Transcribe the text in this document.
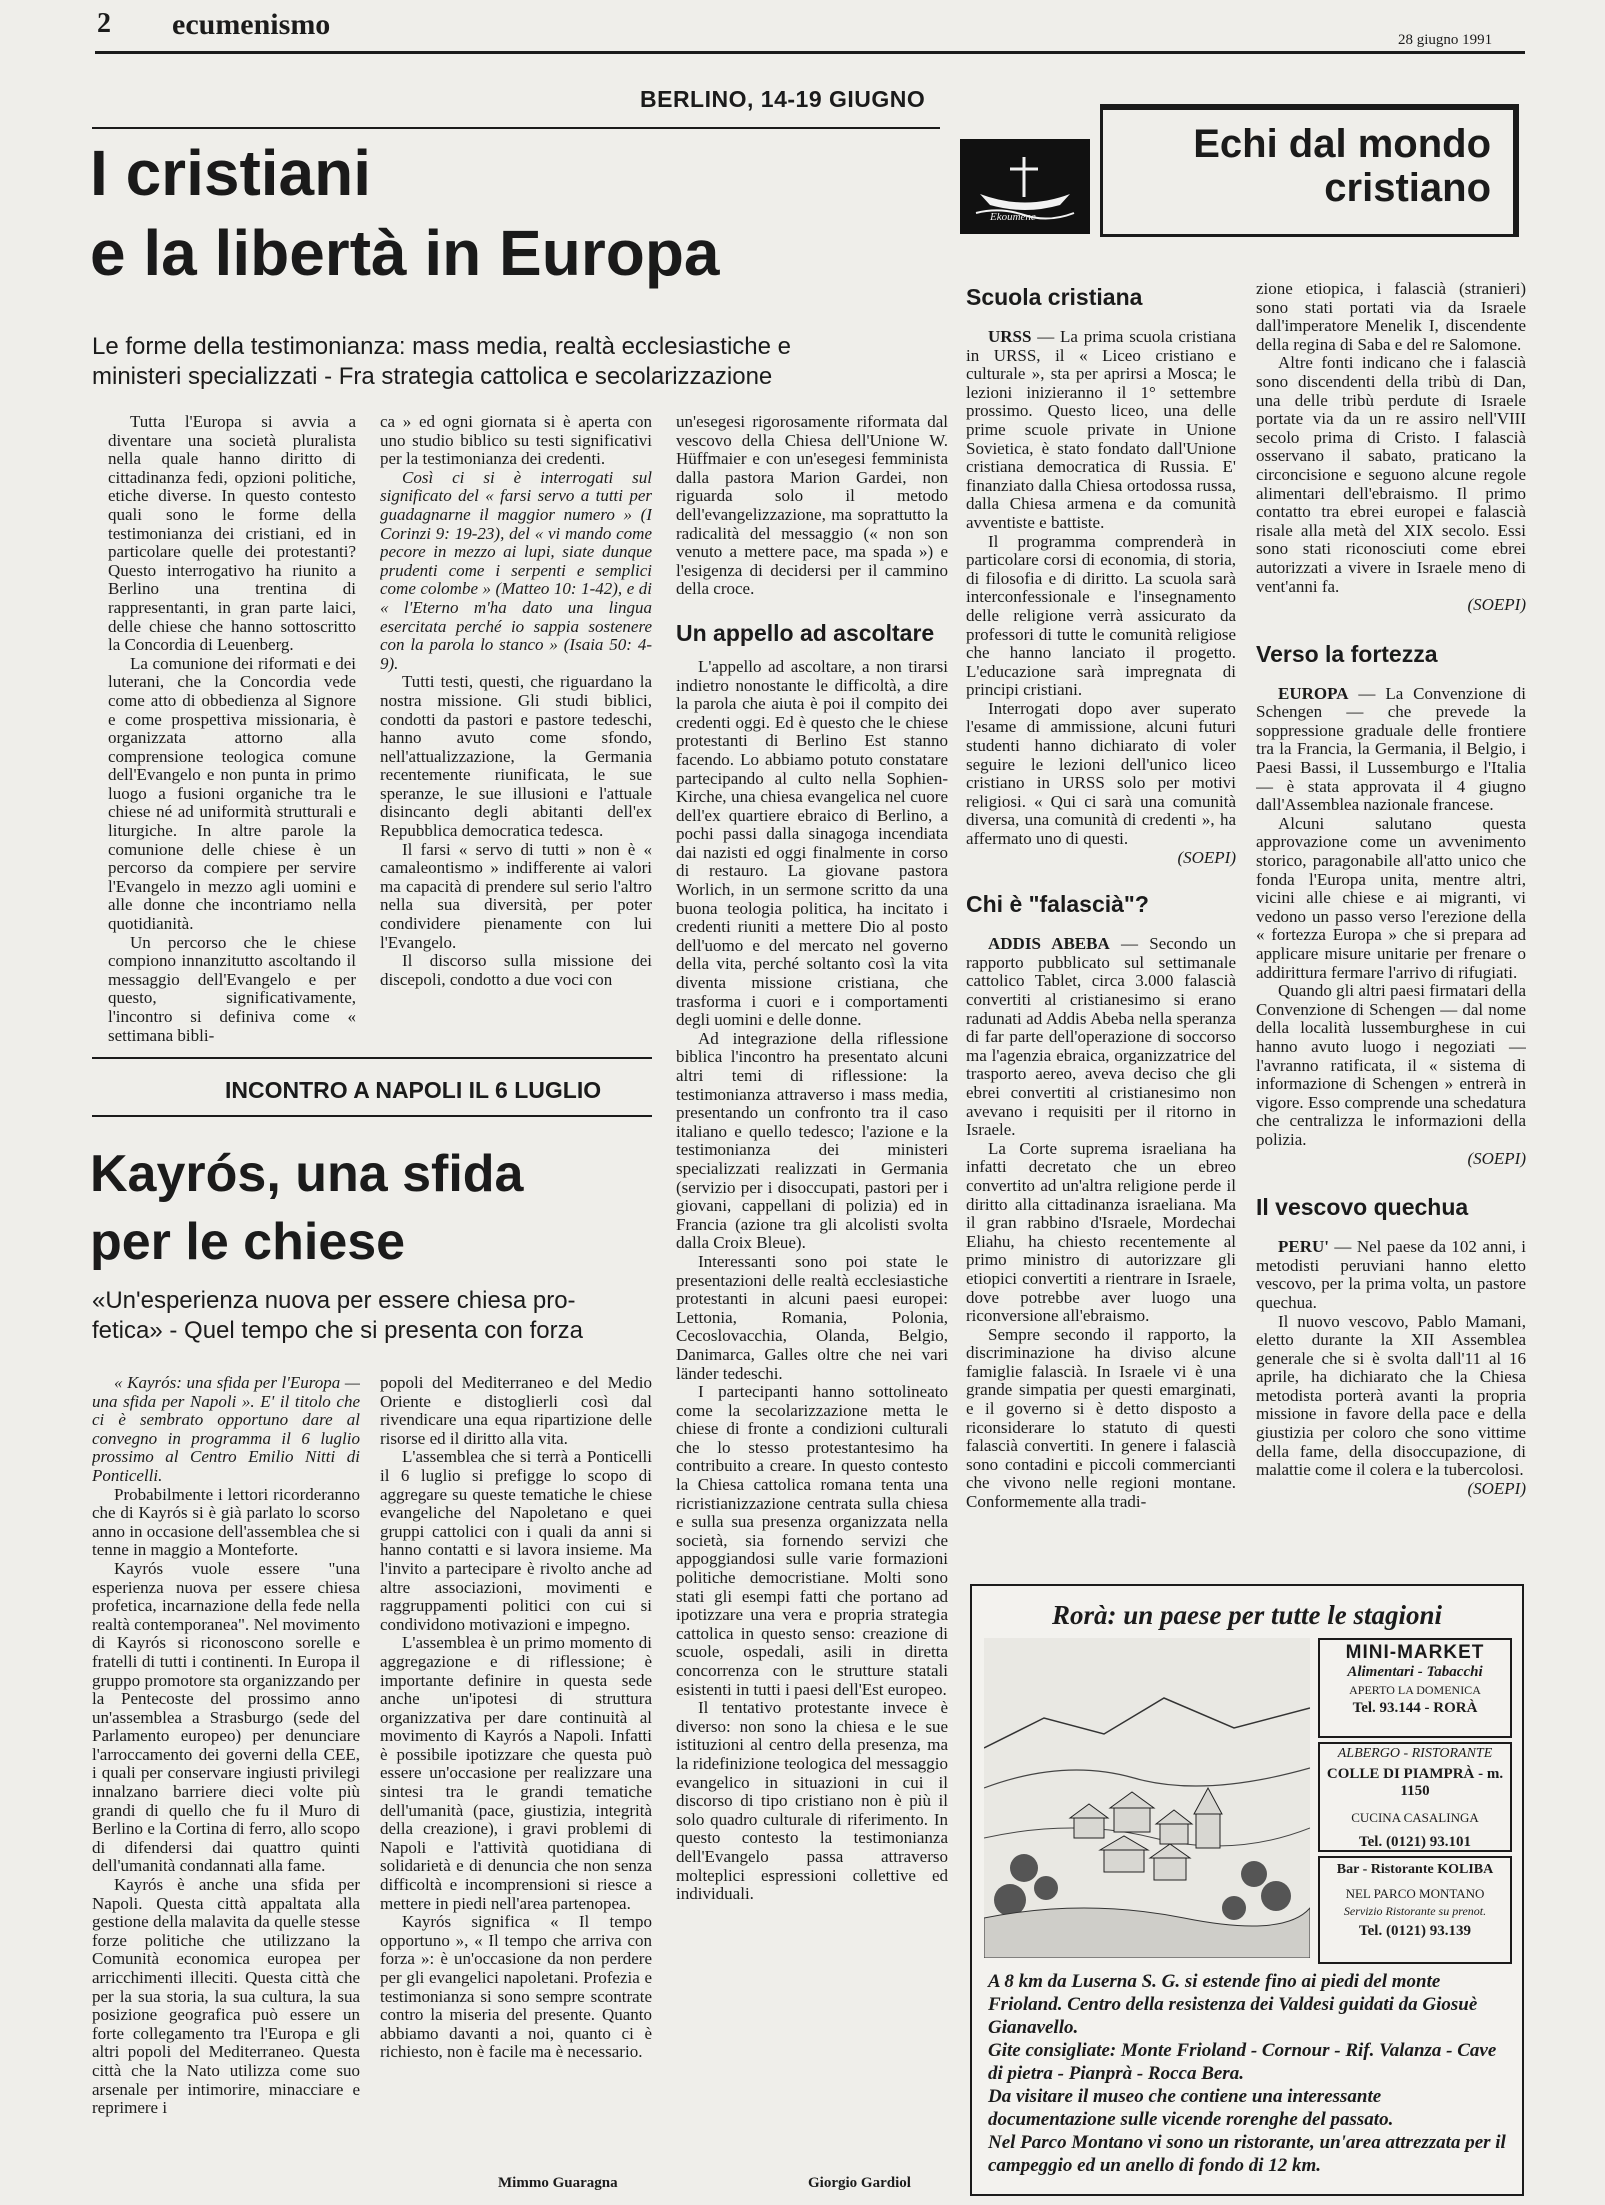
2 ecumenismo	28 giugno 1991
BERLINO, 14-19 GIUGNO
I cristiani
e la libertà in Europa
Le forme della testimonianza: mass media, realtà ecclesiastiche e
ministeri specializzati - Fra strategia cattolica e secolarizzazione

Tutta l'Europa si avvia a diventare una società pluralista nella quale hanno diritto di cittadinanza fedi, opzioni politiche, etiche diverse. In questo contesto quali sono le forme della testimonianza dei cristiani, ed in particolare quelle dei protestanti? Questo interrogativo ha riunito a Berlino una trentina di rappresentanti, in gran parte laici, delle chiese che hanno sottoscritto la Concordia di Leuenberg.

La comunione dei riformati e dei luterani, che la Concordia vede come atto di obbedienza al Signore e come prospettiva missionaria, è organizzata attorno alla comprensione teologica comune dell'Evangelo e non punta in primo luogo a fusioni organiche tra le chiese né ad uniformità strutturali e liturgiche. In altre parole la comunione delle chiese è un percorso da compiere per servire l'Evangelo in mezzo agli uomini e alle donne che incontriamo nella quotidianità.

Un percorso che le chiese compiono innanzitutto ascoltando il messaggio dell'Evangelo e per questo, significativamente, l'incontro si definiva come « settimana bibli-

ca » ed ogni giornata si è aperta con uno studio biblico su testi significativi per la testimonianza dei credenti.

Così ci si è interrogati sul significato del « farsi servo a tutti per guadagnarne il maggior numero » (I Corinzi 9: 19-23), del « vi mando come pecore in mezzo ai lupi, siate dunque prudenti come i serpenti e semplici come colombe » (Matteo 10: 1-42), e di « l'Eterno m'ha dato una lingua esercitata perché io sappia sostenere con la parola lo stanco » (Isaia 50: 4-9).

Tutti testi, questi, che riguardano la nostra missione. Gli studi biblici, condotti da pastori e pastore tedeschi, hanno avuto come sfondo, nell'attualizzazione, la Germania recentemente riunificata, le sue speranze, le sue illusioni e l'attuale disincanto degli abitanti dell'ex Repubblica democratica tedesca.

Il farsi « servo di tutti » non è « camaleontismo » indifferente ai valori ma capacità di prendere sul serio l'altro nella sua diversità, per poter condividere pienamente con lui l'Evangelo.

Il discorso sulla missione dei discepoli, condotto a due voci con

un'esegesi rigorosamente riformata dal vescovo della Chiesa dell'Unione W. Hüffmaier e con un'esegesi femminista dalla pastora Marion Gardei, non riguarda solo il metodo dell'evangelizzazione, ma soprattutto la radicalità del messaggio (« non son venuto a mettere pace, ma spada ») e l'esigenza di decidersi per il cammino della croce.

Un appello ad ascoltare

L'appello ad ascoltare, a non tirarsi indietro nonostante le difficoltà, a dire la parola che aiuta è poi il compito dei credenti oggi. Ed è questo che le chiese protestanti di Berlino Est stanno facendo. Lo abbiamo potuto constatare partecipando al culto nella Sophien-Kirche, una chiesa evangelica nel cuore dell'ex quartiere ebraico di Berlino, a pochi passi dalla sinagoga incendiata dai nazisti ed oggi finalmente in corso di restauro. La giovane pastora Worlich, in un sermone scritto da una buona teologia politica, ha incitato i credenti riuniti a mettere Dio al posto dell'uomo e del mercato nel governo della vita, perché soltanto così la vita diventa missione cristiana, che trasforma i cuori e i comportamenti degli uomini e delle donne.

Ad integrazione della riflessione biblica l'incontro ha presentato alcuni altri temi di riflessione: la testimonianza attraverso i mass media, presentando un confronto tra il caso italiano e quello tedesco; l'azione e la testimonianza dei ministeri specializzati realizzati in Germania (servizio per i disoccupati, pastori per i giovani, cappellani di polizia) ed in Francia (azione tra gli alcolisti svolta dalla Croix Bleue).

Interessanti sono poi state le presentazioni delle realtà ecclesiastiche protestanti in alcuni paesi europei: Lettonia, Romania, Polonia, Cecoslovacchia, Olanda, Belgio, Danimarca, Galles oltre che nei vari länder tedeschi.

I partecipanti hanno sottolineato come la secolarizzazione metta le chiese di fronte a condizioni culturali che lo stesso protestantesimo ha contribuito a creare. In questo contesto la Chiesa cattolica romana tenta una ricristianizzazione centrata sulla chiesa e sulla sua presenza organizzata nella società, sia fornendo servizi che appoggiandosi sulle varie formazioni politiche democristiane. Molti sono stati gli esempi fatti che portano ad ipotizzare una vera e propria strategia cattolica in questo senso: creazione di scuole, ospedali, asili in diretta concorrenza con le strutture statali esistenti in tutti i paesi dell'Est europeo.

Il tentativo protestante invece è diverso: non sono la chiesa e le sue istituzioni al centro della presenza, ma la ridefinizione teologica del messaggio evangelico in situazioni in cui il discorso di tipo cristiano non è più il solo quadro culturale di riferimento. In questo contesto la testimonianza dell'Evangelo passa attraverso molteplici espressioni collettive ed individuali.

Giorgio Gardiol
INCONTRO A NAPOLI IL 6 LUGLIO
Kayrós, una sfida
per le chiese
«Un'esperienza nuova per essere chiesa pro-
fetica» - Quel tempo che si presenta con forza

« Kayrós: una sfida per l'Europa — una sfida per Napoli ». E' il titolo che ci è sembrato opportuno dare al convegno in programma il 6 luglio prossimo al Centro Emilio Nitti di Ponticelli.

Probabilmente i lettori ricorderanno che di Kayrós si è già parlato lo scorso anno in occasione dell'assemblea che si tenne in maggio a Monteforte.

Kayrós vuole essere "una esperienza nuova per essere chiesa profetica, incarnazione della fede nella realtà contemporanea". Nel movimento di Kayrós si riconoscono sorelle e fratelli di tutti i continenti. In Europa il gruppo promotore sta organizzando per la Pentecoste del prossimo anno un'assemblea a Strasburgo (sede del Parlamento europeo) per denunciare l'arroccamento dei governi della CEE, i quali per conservare ingiusti privilegi innalzano barriere dieci volte più grandi di quello che fu il Muro di Berlino e la Cortina di ferro, allo scopo di difendersi dai quattro quinti dell'umanità condannati alla fame.

Kayrós è anche una sfida per Napoli. Questa città appaltata alla gestione della malavita da quelle stesse forze politiche che utilizzano la Comunità economica europea per arricchimenti illeciti. Questa città che per la sua storia, la sua cultura, la sua posizione geografica può essere un forte collegamento tra l'Europa e gli altri popoli del Mediterraneo. Questa città che la Nato utilizza come suo arsenale per intimorire, minacciare e reprimere i

popoli del Mediterraneo e del Medio Oriente e distoglierli così dal rivendicare una equa ripartizione delle risorse ed il diritto alla vita.

L'assemblea che si terrà a Ponticelli il 6 luglio si prefigge lo scopo di aggregare su queste tematiche le chiese evangeliche del Napoletano e quei gruppi cattolici con i quali da anni si hanno contatti e si lavora insieme. Ma l'invito a partecipare è rivolto anche ad altre associazioni, movimenti e raggruppamenti politici con cui si condividono motivazioni e impegno.

L'assemblea è un primo momento di aggregazione e di riflessione; è importante definire in questa sede anche un'ipotesi di struttura organizzativa per dare continuità al movimento di Kayrós a Napoli. Infatti è possibile ipotizzare che questa può essere un'occasione per realizzare una sintesi tra le grandi tematiche dell'umanità (pace, giustizia, integrità della creazione), i gravi problemi di Napoli e l'attività quotidiana di solidarietà e di denuncia che non senza difficoltà e incomprensioni si riesce a mettere in piedi nell'area partenopea.

Kayrós significa « Il tempo opportuno », « Il tempo che arriva con forza »: è un'occasione da non perdere per gli evangelici napoletani. Profezia e testimonianza si sono sempre scontrate contro la miseria del presente. Quanto abbiamo davanti a noi, quanto ci è richiesto, non è facile ma è necessario.

Mimmo Guaragna
Ekoumene
Echi dal mondo
cristiano
Scuola cristiana

URSS — La prima scuola cristiana in URSS, il « Liceo cristiano e culturale », sta per aprirsi a Mosca; le lezioni inizieranno il 1° settembre prossimo. Questo liceo, una delle prime scuole private in Unione Sovietica, è stato fondato dall'Unione cristiana democratica di Russia. E' finanziato dalla Chiesa ortodossa russa, dalla Chiesa armena e da comunità avventiste e battiste.

Il programma comprenderà in particolare corsi di economia, di storia, di filosofia e di diritto. La scuola sarà interconfessionale e l'insegnamento delle religione verrà assicurato da professori di tutte le comunità religiose che hanno lanciato il progetto. L'educazione sarà impregnata di principi cristiani.

Interrogati dopo aver superato l'esame di ammissione, alcuni futuri studenti hanno dichiarato di voler seguire le lezioni dell'unico liceo cristiano in URSS solo per motivi religiosi. « Qui ci sarà una comunità diversa, una comunità di credenti », ha affermato uno di questi.

(SOEPI)
Chi è "falascià"?

ADDIS ABEBA — Secondo un rapporto pubblicato sul settimanale cattolico Tablet, circa 3.000 falascià convertiti al cristianesimo si erano radunati ad Addis Abeba nella speranza di far parte dell'operazione di soccorso ma l'agenzia ebraica, organizzatrice del trasporto aereo, aveva deciso che gli ebrei convertiti al cristianesimo non avevano i requisiti per il ritorno in Israele.

La Corte suprema israeliana ha infatti decretato che un ebreo convertito ad un'altra religione perde il diritto alla cittadinanza israeliana. Ma il gran rabbino d'Israele, Mordechai Eliahu, ha chiesto recentemente al primo ministro di autorizzare gli etiopici convertiti a rientrare in Israele, dove potrebbe aver luogo una riconversione all'ebraismo.

Sempre secondo il rapporto, la discriminazione ha diviso alcune famiglie falascià. In Israele vi è una grande simpatia per questi emarginati, e il governo si è detto disposto a riconsiderare lo statuto di questi falascià convertiti. In genere i falascià sono contadini e piccoli commercianti che vivono nelle regioni montane. Conformemente alla tradi-

zione etiopica, i falascià (stranieri) sono stati portati via da Israele dall'imperatore Menelik I, discendente della regina di Saba e del re Salomone.

Altre fonti indicano che i falascià sono discendenti della tribù di Dan, una delle tribù perdute di Israele portate via da un re assiro nell'VIII secolo prima di Cristo. I falascià osservano il sabato, praticano la circoncisione e seguono alcune regole alimentari dell'ebraismo. Il primo contatto tra ebrei europei e falascià risale alla metà del XIX secolo. Essi sono stati riconosciuti come ebrei autorizzati a vivere in Israele meno di vent'anni fa.

(SOEPI)
Verso la fortezza

EUROPA — La Convenzione di Schengen — che prevede la soppressione graduale delle frontiere tra la Francia, la Germania, il Belgio, i Paesi Bassi, il Lussemburgo e l'Italia — è stata approvata il 4 giugno dall'Assemblea nazionale francese.

Alcuni salutano questa approvazione come un avvenimento storico, paragonabile all'atto unico che fonda l'Europa unita, mentre altri, vicini alle chiese e ai migranti, vi vedono un passo verso l'erezione della « fortezza Europa » che si prepara ad applicare misure unitarie per frenare o addirittura fermare l'arrivo di rifugiati.

Quando gli altri paesi firmatari della Convenzione di Schengen — dal nome della località lussemburghese in cui hanno avuto luogo i negoziati — l'avranno ratificata, il « sistema di informazione di Schengen » entrerà in vigore. Esso comprende una schedatura che centralizza le informazioni della polizia.

(SOEPI)
Il vescovo quechua

PERU' — Nel paese da 102 anni, i metodisti peruviani hanno eletto vescovo, per la prima volta, un pastore quechua.

Il nuovo vescovo, Pablo Mamani, eletto durante la XII Assemblea generale che si è svolta dall'11 al 16 aprile, ha dichiarato che la Chiesa metodista porterà avanti la propria missione in favore della pace e della giustizia per coloro che sono vittime della fame, della disoccupazione, di malattie come il colera e la tubercolosi.

(SOEPI)
Rorà: un paese per tutte le stagioni
MINI-MARKET
Alimentari - Tabacchi
APERTO LA DOMENICA
Tel. 93.144 - RORÀ
ALBERGO - RISTORANTE
COLLE DI PIAMPRÀ - m. 1150
CUCINA CASALINGA
Tel. (0121) 93.101
Bar - Ristorante KOLIBA
NEL PARCO MONTANO
Servizio Ristorante su prenot.
Tel. (0121) 93.139
A 8 km da Luserna S. G. si estende fino ai piedi del monte Frioland. Centro della resistenza dei Valdesi guidati da Giosuè Gianavello.
Gite consigliate: Monte Frioland - Cornour - Rif. Valanza - Cave di pietra - Pianprà - Rocca Bera.
Da visitare il museo che contiene una interessante documentazione sulle vicende rorenghe del passato.
Nel Parco Montano vi sono un ristorante, un'area attrezzata per il campeggio ed un anello di fondo di 12 km.
